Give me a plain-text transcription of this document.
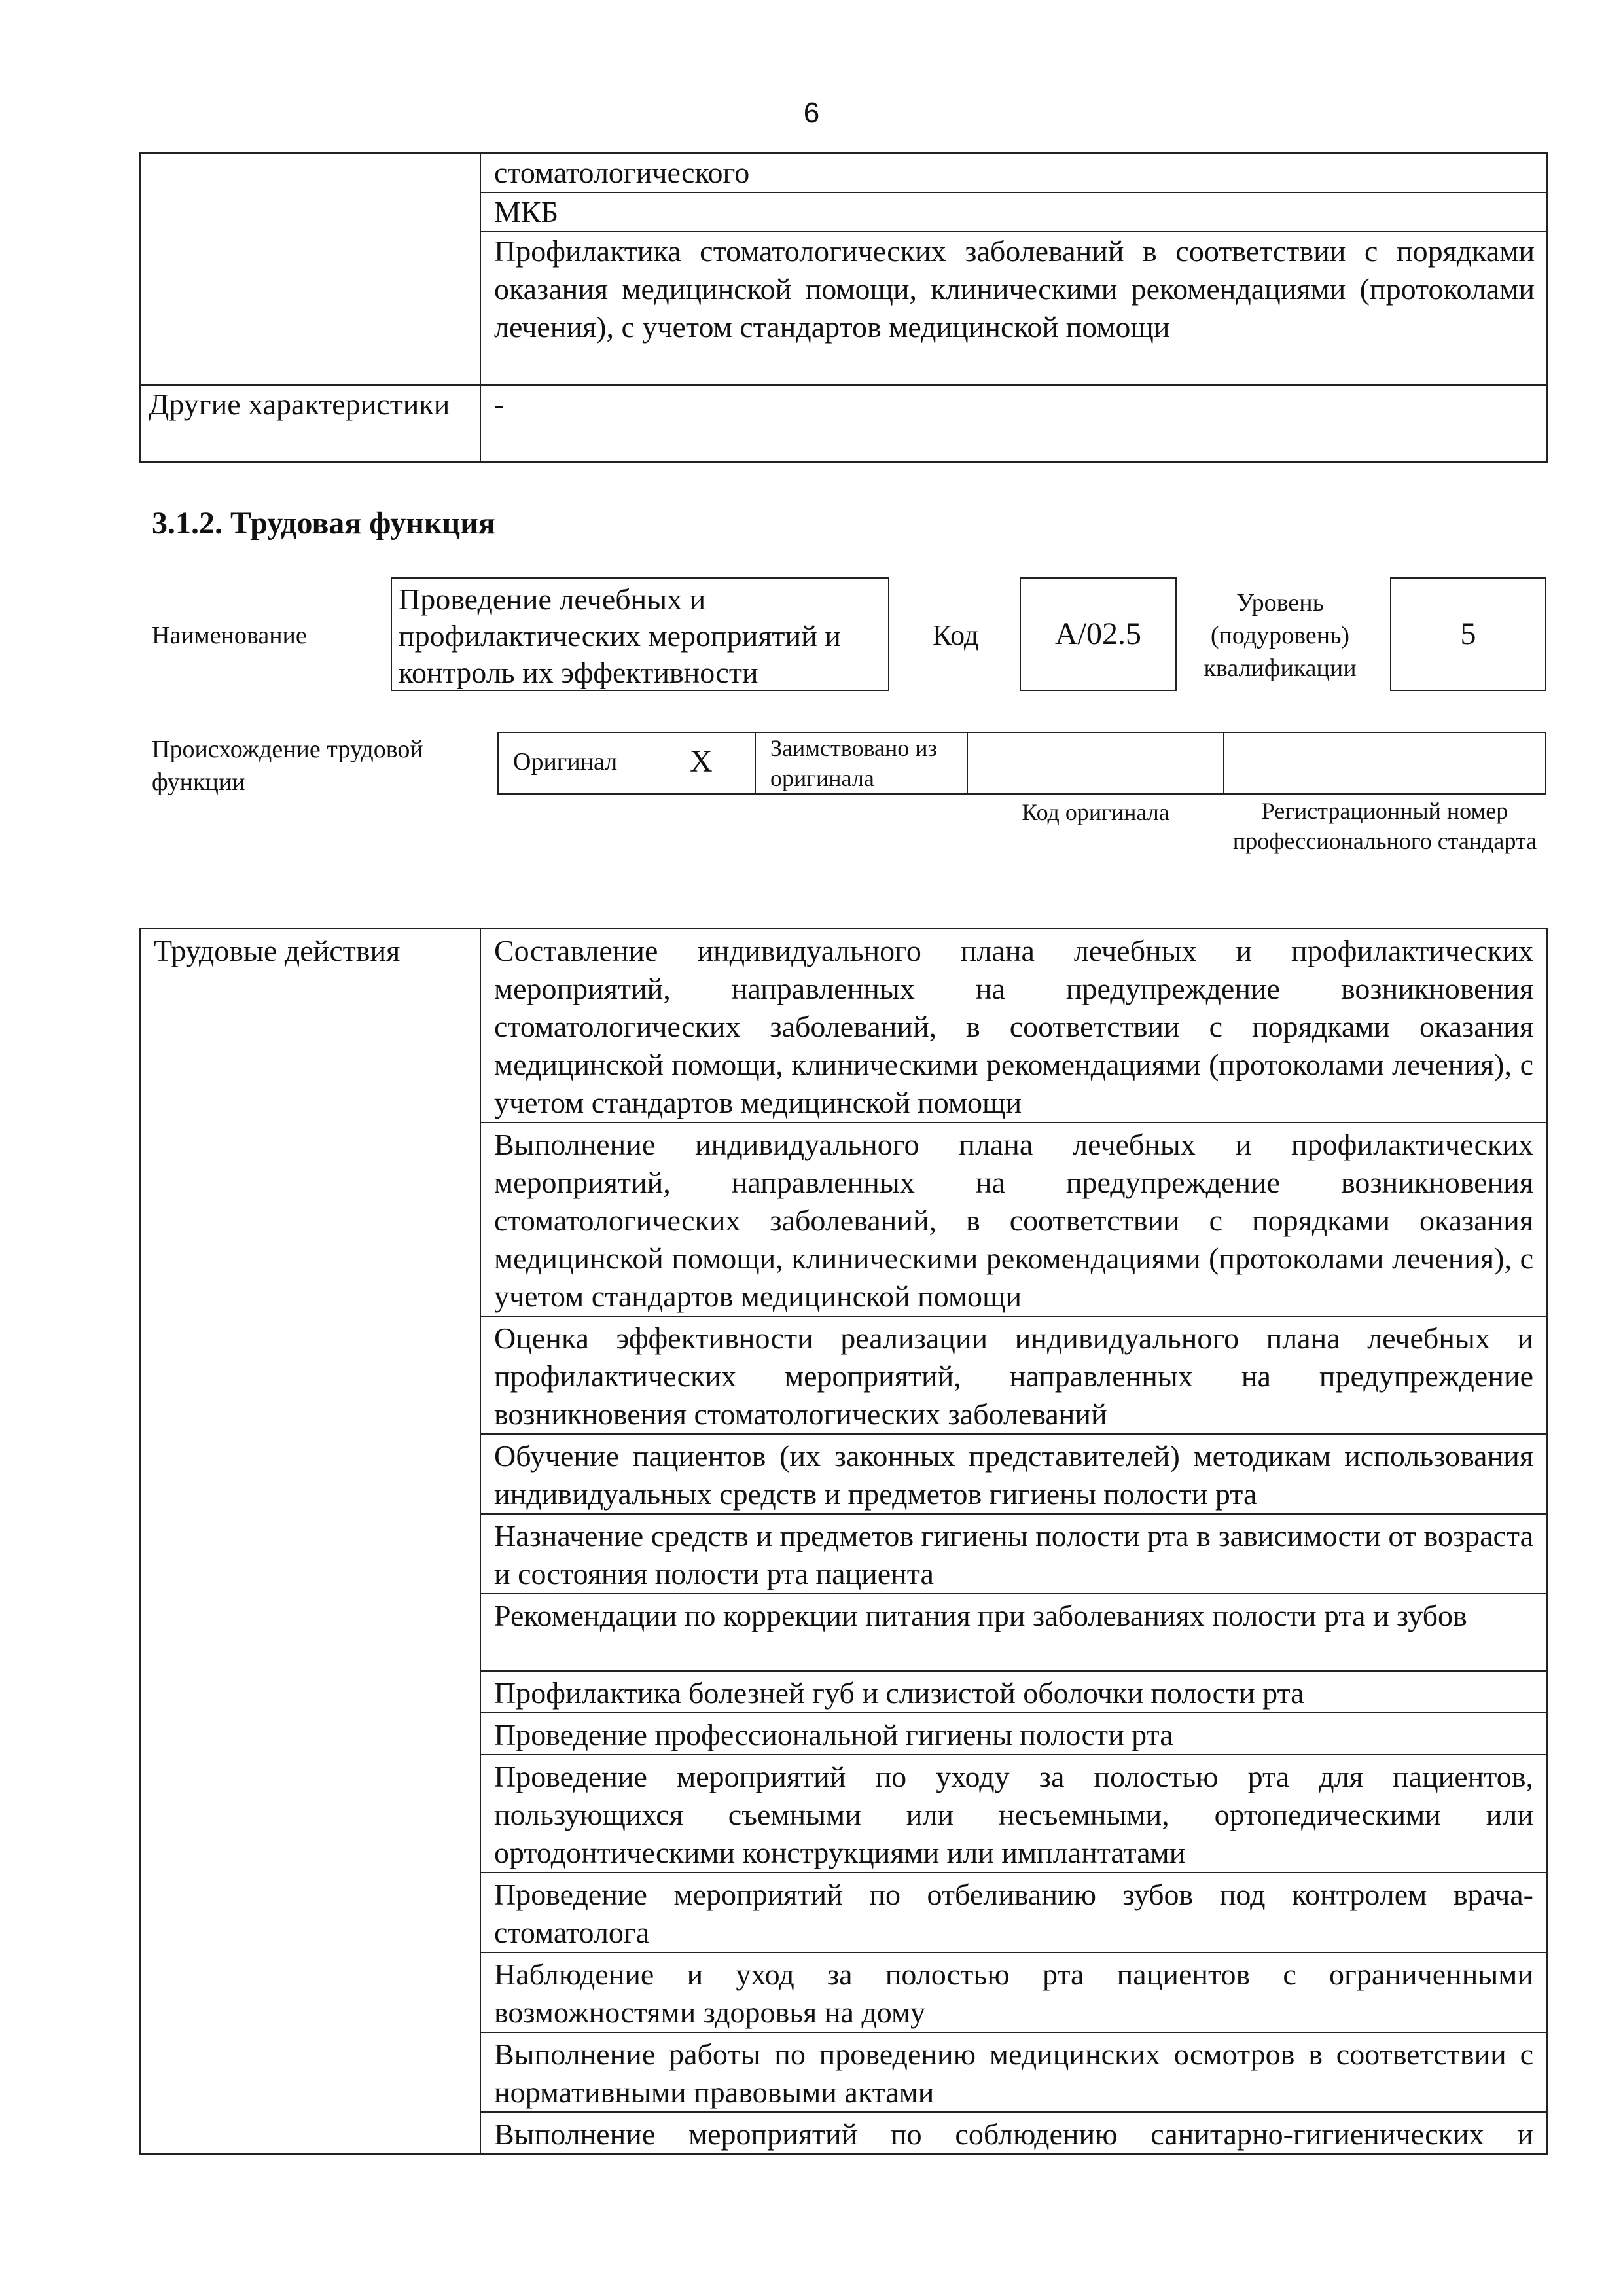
6

	стоматологического

	МКБ

	Профилактика стоматологических заболеваний в соответствии с порядками оказания медицинской помощи, клиническими рекомендациями (протоколами лечения), с учетом стандартов медицинской помощи
Другие характеристики	-
3.1.2. Трудовая функция
Наименование
Проведение лечебных и профилактических мероприятий и контроль их эффективности
Код	A/02.5
Уровень (подуровень) квалификации
5
Происхождение трудовой функции
Оригинал X	Заимствовано из оригинала
Код оригинала	Регистрационный номер профессионального стандарта
Трудовые действия	Составление индивидуального плана лечебных и профилактических мероприятий, направленных на предупреждение возникновения стоматологических заболеваний, в соответствии с порядками оказания медицинской помощи, клиническими рекомендациями (протоколами лечения), с учетом стандартов медицинской помощи
Выполнение индивидуального плана лечебных и профилактических мероприятий, направленных на предупреждение возникновения стоматологических заболеваний, в соответствии с порядками оказания медицинской помощи, клиническими рекомендациями (протоколами лечения), с учетом стандартов медицинской помощи
Оценка эффективности реализации индивидуального плана лечебных и профилактических мероприятий, направленных на предупреждение возникновения стоматологических заболеваний
Обучение пациентов (их законных представителей) методикам использования индивидуальных средств и предметов гигиены полости рта
Назначение средств и предметов гигиены полости рта в зависимости от возраста и состояния полости рта пациента
Рекомендации по коррекции питания при заболеваниях полости рта и зубов
Профилактика болезней губ и слизистой оболочки полости рта
Проведение профессиональной гигиены полости рта
Проведение мероприятий по уходу за полостью рта для пациентов, пользующихся съемными или несъемными, ортопедическими или ортодонтическими конструкциями или имплантатами
Проведение мероприятий по отбеливанию зубов под контролем врача-стоматолога
Наблюдение и уход за полостью рта пациентов с ограниченными возможностями здоровья на дому
Выполнение работы по проведению медицинских осмотров в соответствии с нормативными правовыми актами
Выполнение мероприятий по соблюдению санитарно-гигиенических и
